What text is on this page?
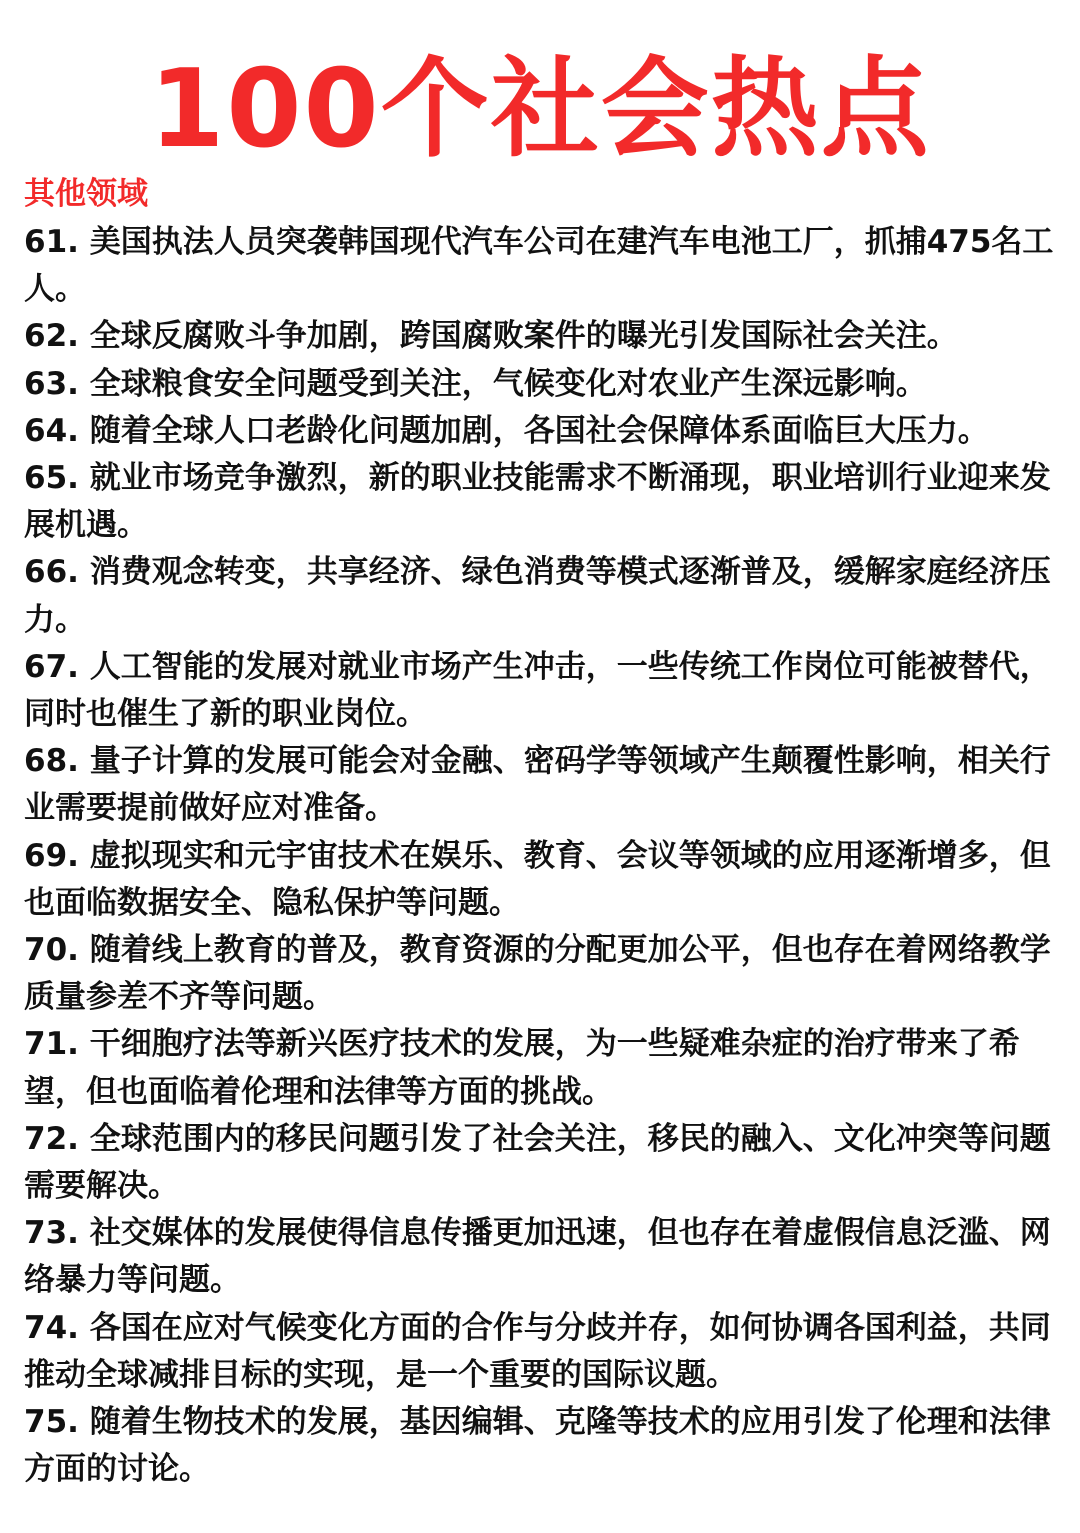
100个社会热点
其他领域
61. 美国执法人员突袭韩国现代汽车公司在建汽车电池工厂，抓捕475名工人。
62. 全球反腐败斗争加剧，跨国腐败案件的曝光引发国际社会关注。
63. 全球粮食安全问题受到关注，气候变化对农业产生深远影响。
64. 随着全球人口老龄化问题加剧，各国社会保障体系面临巨大压力。
65. 就业市场竞争激烈，新的职业技能需求不断涌现，职业培训行业迎来发展机遇。
66. 消费观念转变，共享经济、绿色消费等模式逐渐普及，缓解家庭经济压力。
67. 人工智能的发展对就业市场产生冲击，一些传统工作岗位可能被替代，同时也催生了新的职业岗位。
68. 量子计算的发展可能会对金融、密码学等领域产生颠覆性影响，相关行业需要提前做好应对准备。
69. 虚拟现实和元宇宙技术在娱乐、教育、会议等领域的应用逐渐增多，但也面临数据安全、隐私保护等问题。
70. 随着线上教育的普及，教育资源的分配更加公平，但也存在着网络教学质量参差不齐等问题。
71. 干细胞疗法等新兴医疗技术的发展，为一些疑难杂症的治疗带来了希望，但也面临着伦理和法律等方面的挑战。
72. 全球范围内的移民问题引发了社会关注，移民的融入、文化冲突等问题需要解决。
73. 社交媒体的发展使得信息传播更加迅速，但也存在着虚假信息泛滥、网络暴力等问题。
74. 各国在应对气候变化方面的合作与分歧并存，如何协调各国利益，共同推动全球减排目标的实现，是一个重要的国际议题。
75. 随着生物技术的发展，基因编辑、克隆等技术的应用引发了伦理和法律方面的讨论。
